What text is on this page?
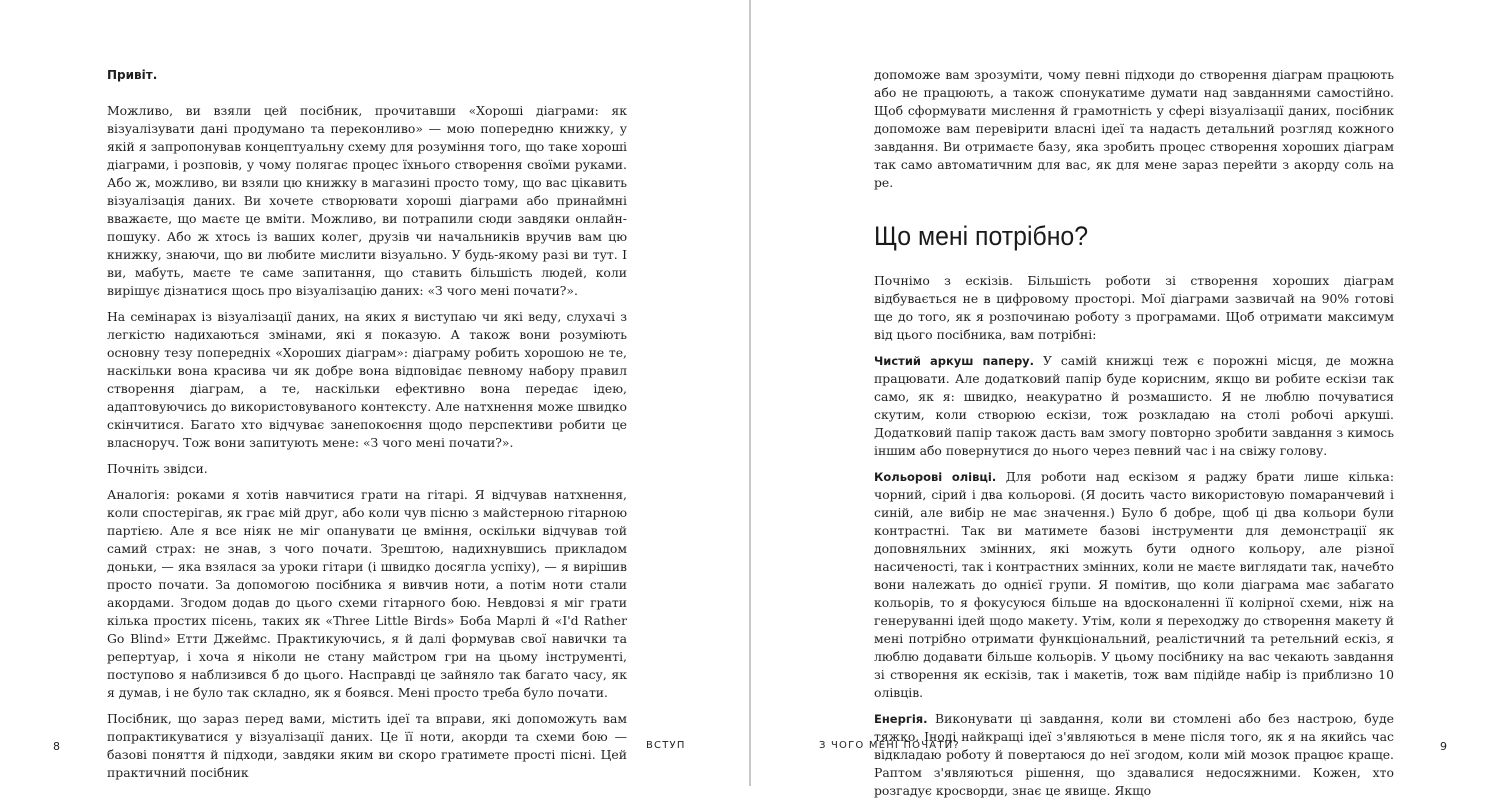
Привіт.

Можливо, ви взяли цей посібник, прочитавши «Хороші діаграми: як візуалізувати дані продумано та переконливо» — мою попередню книжку, у якій я запропонував концептуальну схему для розуміння того, що таке хороші діаграми, і розповів, у чому полягає процес їхнього створення своїми руками. Або ж, можливо, ви взяли цю книжку в магазині просто тому, що вас цікавить візуалізація даних. Ви хочете створювати хороші діаграми або принаймні вважаєте, що маєте це вміти. Можливо, ви потрапили сюди завдяки онлайн-пошуку. Або ж хтось із ваших колег, друзів чи начальників вручив вам цю книжку, знаючи, що ви любите мислити візуально. У будь-якому разі ви тут. І ви, мабуть, маєте те саме запитання, що ставить більшість людей, коли вирішує дізнатися щось про візуалізацію даних: «З чого мені почати?».

На семінарах із візуалізації даних, на яких я виступаю чи які веду, слухачі з легкістю надихаються змінами, які я показую. А також вони розуміють основну тезу попередніх «Хороших діаграм»: діаграму робить хорошою не те, наскільки вона красива чи як добре вона відповідає певному набору правил створення діаграм, а те, наскільки ефективно вона передає ідею, адаптовуючись до використовуваного контексту. Але натхнення може швидко скінчитися. Багато хто відчуває занепокоєння щодо перспективи робити це власноруч. Тож вони запитують мене: «З чого мені почати?».

Почніть звідси.

Аналогія: роками я хотів навчитися грати на гітарі. Я відчував натхнення, коли спостерігав, як грає мій друг, або коли чув пісню з майстерною гітарною партією. Але я все ніяк не міг опанувати це вміння, оскільки відчував той самий страх: не знав, з чого почати. Зрештою, надихнувшись прикладом доньки, — яка взялася за уроки гітари (і швидко досягла успіху), — я вирішив просто почати. За допомогою посібника я вивчив ноти, а потім ноти стали акордами. Згодом додав до цього схеми гітарного бою. Невдовзі я міг грати кілька простих пісень, таких як «Three Little Birds» Боба Марлі й «I'd Rather Go Blind» Етти Джеймс. Практикуючись, я й далі формував свої навички та репертуар, і хоча я ніколи не стану майстром гри на цьому інструменті, поступово я наблизився б до цього. Насправді це зайняло так багато часу, як я думав, і не було так складно, як я боявся. Мені просто треба було почати.

Посібник, що зараз перед вами, містить ідеї та вправи, які допоможуть вам попрактикуватися у візуалізації даних. Це її ноти, акорди та схеми бою — базові поняття й підходи, завдяки яким ви скоро гратимете прості пісні. Цей практичний посібник

допоможе вам зрозуміти, чому певні підходи до створення діаграм працюють або не працюють, а також спонукатиме думати над завданнями самостійно. Щоб сформувати мислення й грамотність у сфері візуалізації даних, посібник допоможе вам перевірити власні ідеї та надасть детальний розгляд кожного завдання. Ви отримаєте базу, яка зробить процес створення хороших діаграм так само автоматичним для вас, як для мене зараз перейти з акорду соль на ре.

Що мені потрібно?

Почнімо з ескізів. Більшість роботи зі створення хороших діаграм відбувається не в цифровому просторі. Мої діаграми зазвичай на 90% готові ще до того, як я розпочинаю роботу з програмами. Щоб отримати максимум від цього посібника, вам потрібні:

Чистий аркуш паперу. У самій книжці теж є порожні місця, де можна працювати. Але додатковий папір буде корисним, якщо ви робите ескізи так само, як я: швидко, неакуратно й розмашисто. Я не люблю почуватися скутим, коли створюю ескізи, тож розкладаю на столі робочі аркуші. Додатковий папір також дасть вам змогу повторно зробити завдання з кимось іншим або повернутися до нього через певний час і на свіжу голову.

Кольорові олівці. Для роботи над ескізом я раджу брати лише кілька: чорний, сірий і два кольорові. (Я досить часто використовую помаранчевий і синій, але вибір не має значення.) Було б добре, щоб ці два кольори були контрастні. Так ви матимете базові інструменти для демонстрації як доповняльних змінних, які можуть бути одного кольору, але різної насиченості, так і контрастних змінних, коли не маєте виглядати так, начебто вони належать до однієї групи. Я помітив, що коли діаграма має забагато кольорів, то я фокусуюся більше на вдосконаленні її колірної схеми, ніж на генеруванні ідей щодо макету. Утім, коли я переходжу до створення макету й мені потрібно отримати функціональний, реалістичний та ретельний ескіз, я люблю додавати більше кольорів. У цьому посібнику на вас чекають завдання зі створення як ескізів, так і макетів, тож вам підійде набір із приблизно 10 олівців.

Енергія. Виконувати ці завдання, коли ви стомлені або без настрою, буде тяжко. Іноді найкращі ідеї з'являються в мене після того, як я на якийсь час відкладаю роботу й повертаюся до неї згодом, коли мій мозок працює краще. Раптом з'являються рішення, що здавалися недосяжними. Кожен, хто розгадує кросворди, знає це явище. Якщо

8	ВСТУП	З ЧОГО МЕНІ ПОЧАТИ?	9
